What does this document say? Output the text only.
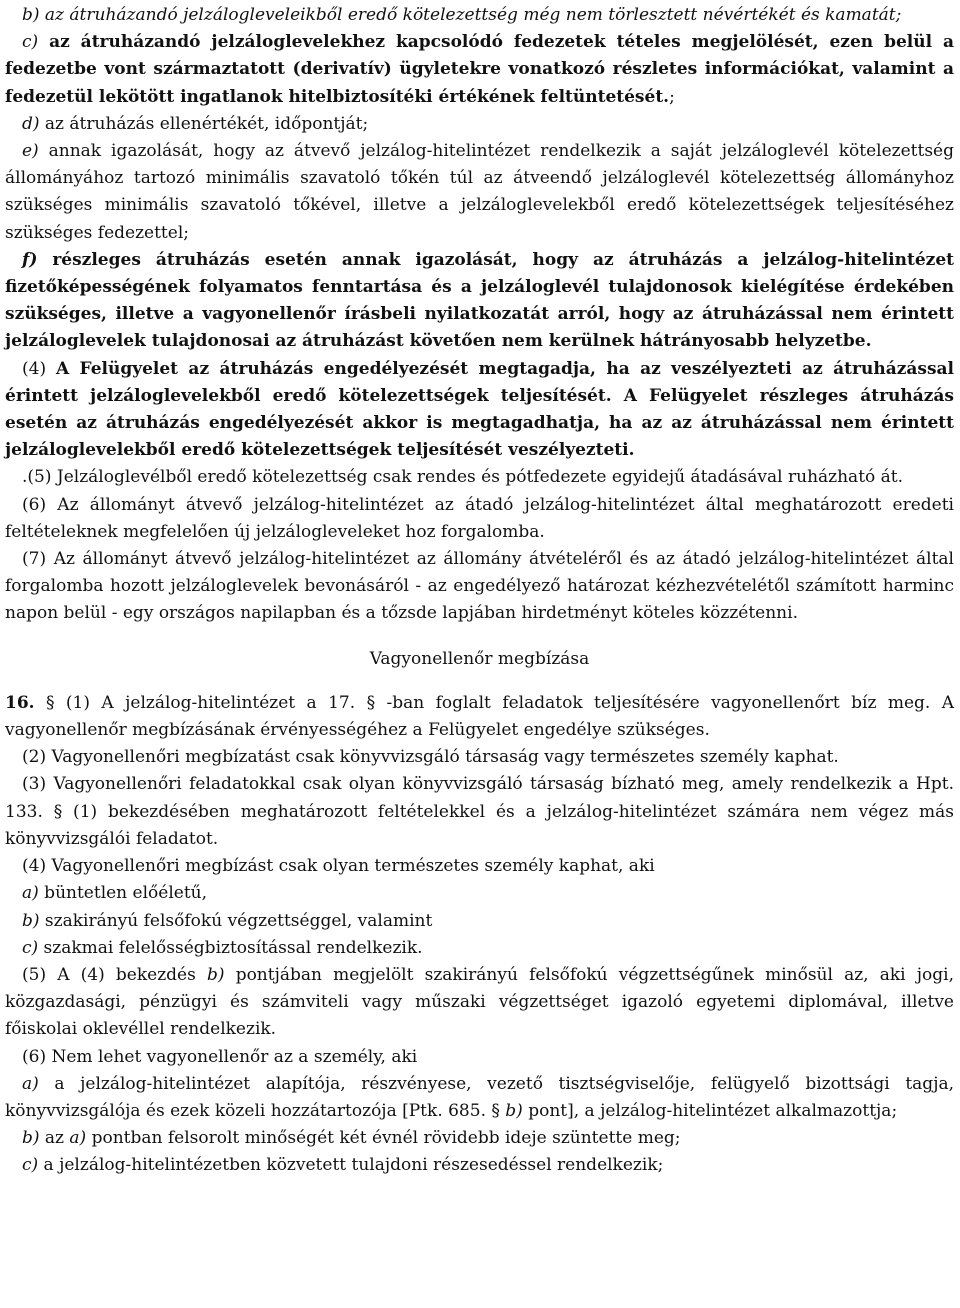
b) az átruházandó jelzálogleveleikből eredő kötelezettség még nem törlesztett névértékét és kamatát;

c) az átruházandó jelzáloglevelekhez kapcsolódó fedezetek tételes megjelölését, ezen belül a fedezetbe vont származtatott (derivatív) ügyletekre vonatkozó részletes információkat, valamint a fedezetül lekötött ingatlanok hitelbiztosítéki értékének feltüntetését.;

d) az átruházás ellenértékét, időpontját;

e) annak igazolását, hogy az átvevő jelzálog-hitelintézet rendelkezik a saját jelzáloglevél kötelezettség állományához tartozó minimális szavatoló tőkén túl az átveendő jelzáloglevél kötelezettség állományhoz szükséges minimális szavatoló tőkével, illetve a jelzáloglevelekből eredő kötelezettségek teljesítéséhez szükséges fedezettel;

f) részleges átruházás esetén annak igazolását, hogy az átruházás a jelzálog-hitelintézet fizetőképességének folyamatos fenntartása és a jelzáloglevél tulajdonosok kielégítése érdekében szükséges, illetve a vagyonellenőr írásbeli nyilatkozatát arról, hogy az átruházással nem érintett jelzáloglevelek tulajdonosai az átruházást követően nem kerülnek hátrányosabb helyzetbe.

(4) A Felügyelet az átruházás engedélyezését megtagadja, ha az veszélyezteti az átruházással érintett jelzáloglevelekből eredő kötelezettségek teljesítését. A Felügyelet részleges átruházás esetén az átruházás engedélyezését akkor is megtagadhatja, ha az az átruházással nem érintett jelzáloglevelekből eredő kötelezettségek teljesítését veszélyezteti.

.(5) Jelzáloglevélből eredő kötelezettség csak rendes és pótfedezete egyidejű átadásával ruházható át.

(6) Az állományt átvevő jelzálog-hitelintézet az átadó jelzálog-hitelintézet által meghatározott eredeti feltételeknek megfelelően új jelzálogleveleket hoz forgalomba.

(7) Az állományt átvevő jelzálog-hitelintézet az állomány átvételéről és az átadó jelzálog-hitelintézet által forgalomba hozott jelzáloglevelek bevonásáról - az engedélyező határozat kézhezvételétől számított harminc napon belül - egy országos napilapban és a tőzsde lapjában hirdetményt köteles közzétenni.

Vagyonellenőr megbízása

16. § (1) A jelzálog-hitelintézet a 17. § -ban foglalt feladatok teljesítésére vagyonellenőrt bíz meg. A vagyonellenőr megbízásának érvényességéhez a Felügyelet engedélye szükséges.

(2) Vagyonellenőri megbízatást csak könyvvizsgáló társaság vagy természetes személy kaphat.

(3) Vagyonellenőri feladatokkal csak olyan könyvvizsgáló társaság bízható meg, amely rendelkezik a Hpt. 133. § (1) bekezdésében meghatározott feltételekkel és a jelzálog-hitelintézet számára nem végez más könyvvizsgálói feladatot.

(4) Vagyonellenőri megbízást csak olyan természetes személy kaphat, aki

a) büntetlen előéletű,

b) szakirányú felsőfokú végzettséggel, valamint

c) szakmai felelősségbiztosítással rendelkezik.

(5) A (4) bekezdés b) pontjában megjelölt szakirányú felsőfokú végzettségűnek minősül az, aki jogi, közgazdasági, pénzügyi és számviteli vagy műszaki végzettséget igazoló egyetemi diplomával, illetve főiskolai oklevéllel rendelkezik.

(6) Nem lehet vagyonellenőr az a személy, aki

a) a jelzálog-hitelintézet alapítója, részvényese, vezető tisztségviselője, felügyelő bizottsági tagja, könyvvizsgálója és ezek közeli hozzátartozója [Ptk. 685. § b) pont], a jelzálog-hitelintézet alkalmazottja;

b) az a) pontban felsorolt minőségét két évnél rövidebb ideje szüntette meg;

c) a jelzálog-hitelintézetben közvetett tulajdoni részesedéssel rendelkezik;
